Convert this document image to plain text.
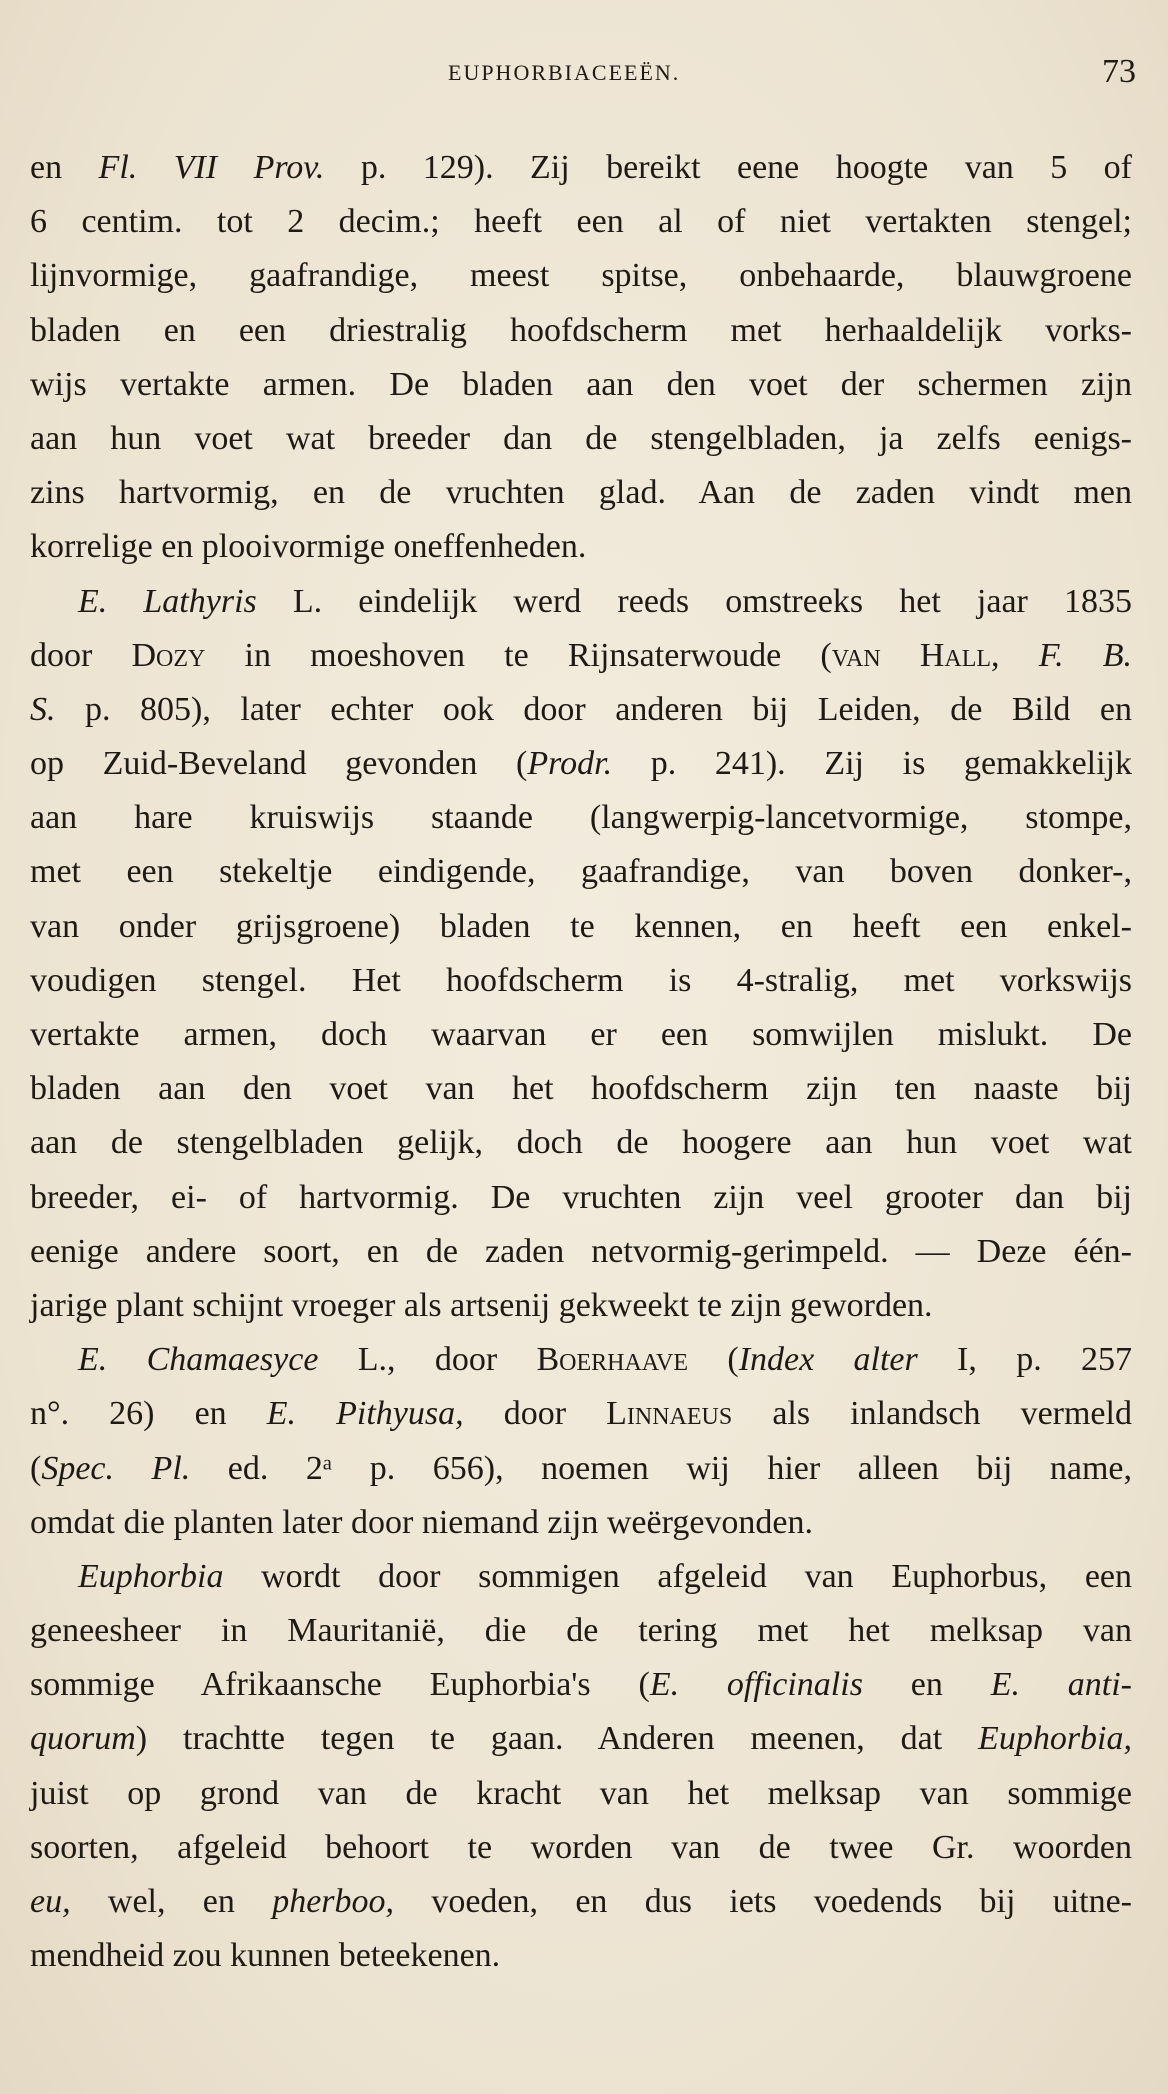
EUPHORBIACEEËN.	73
en Fl. VII Prov. p. 129). Zij bereikt eene hoogte van 5 of
6 centim. tot 2 decim.; heeft een al of niet vertakten stengel;
lijnvormige, gaafrandige, meest spitse, onbehaarde, blauwgroene
bladen en een driestralig hoofdscherm met herhaaldelijk vorks-
wijs vertakte armen. De bladen aan den voet der schermen zijn
aan hun voet wat breeder dan de stengelbladen, ja zelfs eenigs-
zins hartvormig, en de vruchten glad. Aan de zaden vindt men
korrelige en plooivormige oneffenheden.
E. Lathyris L. eindelijk werd reeds omstreeks het jaar 1835
door Dozy in moeshoven te Rijnsaterwoude (van Hall, F. B.
S. p. 805), later echter ook door anderen bij Leiden, de Bild en
op Zuid-Beveland gevonden (Prodr. p. 241). Zij is gemakkelijk
aan hare kruiswijs staande (langwerpig-lancetvormige, stompe,
met een stekeltje eindigende, gaafrandige, van boven donker-,
van onder grijsgroene) bladen te kennen, en heeft een enkel-
voudigen stengel. Het hoofdscherm is 4-stralig, met vorkswijs
vertakte armen, doch waarvan er een somwijlen mislukt. De
bladen aan den voet van het hoofdscherm zijn ten naaste bij
aan de stengelbladen gelijk, doch de hoogere aan hun voet wat
breeder, ei- of hartvormig. De vruchten zijn veel grooter dan bij
eenige andere soort, en de zaden netvormig-gerimpeld. — Deze één-
jarige plant schijnt vroeger als artsenij gekweekt te zijn geworden.
E. Chamaesyce L., door Boerhaave (Index alter I, p. 257
n°. 26) en E. Pithyusa, door Linnaeus als inlandsch vermeld
(Spec. Pl. ed. 2ᵃ p. 656), noemen wij hier alleen bij name,
omdat die planten later door niemand zijn weërgevonden.
Euphorbia wordt door sommigen afgeleid van Euphorbus, een
geneesheer in Mauritanië, die de tering met het melksap van
sommige Afrikaansche Euphorbia's (E. officinalis en E. anti-
quorum) trachtte tegen te gaan. Anderen meenen, dat Euphorbia,
juist op grond van de kracht van het melksap van sommige
soorten, afgeleid behoort te worden van de twee Gr. woorden
eu, wel, en pherboo, voeden, en dus iets voedends bij uitne-
mendheid zou kunnen beteekenen.
